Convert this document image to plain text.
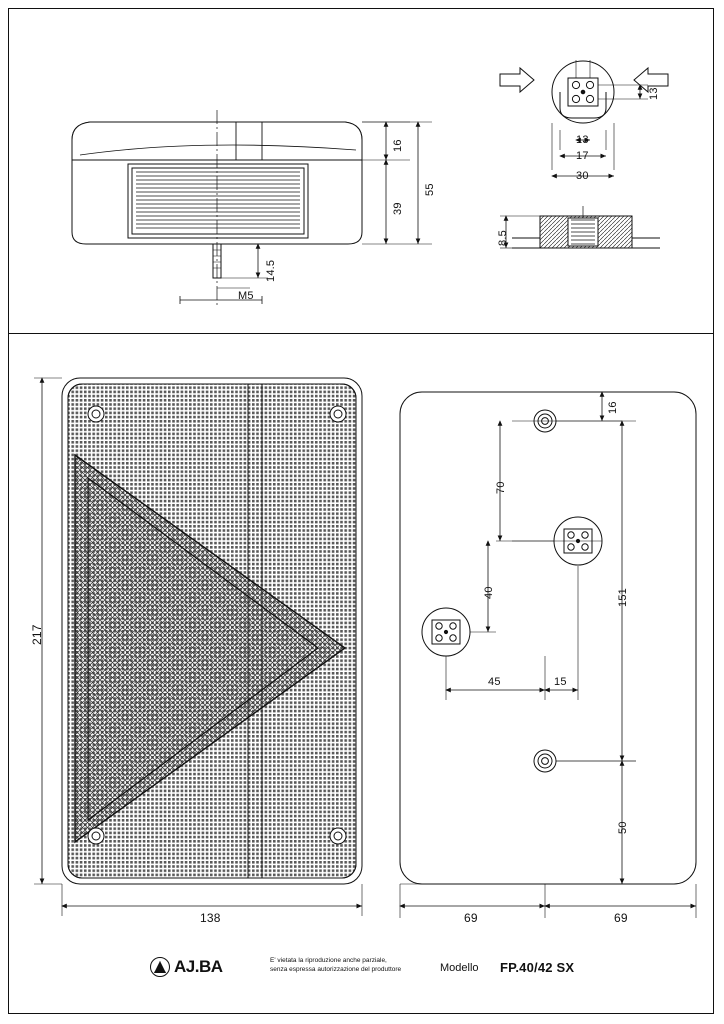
16
39
55
14.5
M5
13
13
17
30
8.5
217
138
16
70
40	151
50
45	15
69	69
AJ.BA	E' vietata la riproduzione anche parziale,
senza espressa autorizzazione del produttore	Modello FP.40/42 SX
